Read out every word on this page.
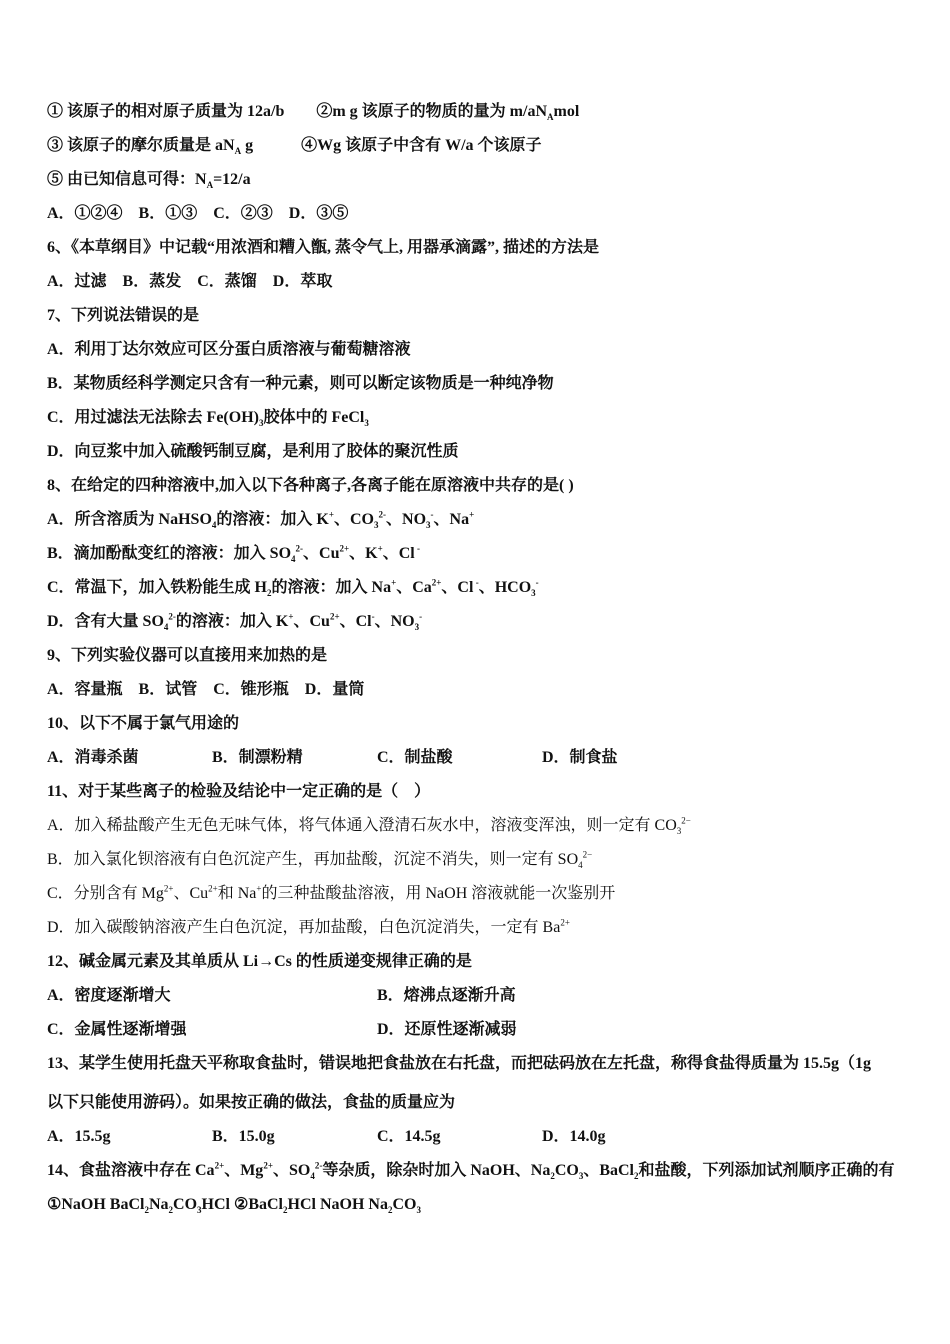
① 该原子的相对原子质量为 12a/b　　②m g 该原子的物质的量为 $m/aN_Amol$
③ 该原子的摩尔质量是 $aN_A$ g　　　④Wg 该原子中含有 W/a 个该原子
⑤ 由已知信息可得：$N_A=12/a$
A．①②④　B．①③　C．②③　D．③⑤
6、《本草纲目》中记载“用浓酒和糟入甑, 蒸令气上, 用器承滴露”, 描述的方法是
A．过滤　B．蒸发　C．蒸馏　D．萃取
7、下列说法错误的是
A．利用丁达尔效应可区分蛋白质溶液与葡萄糖溶液
B．某物质经科学测定只含有一种元素，则可以断定该物质是一种纯净物
C．用过滤法无法除去 $Fe(OH)_3$胶体中的 FeCl$_3$
D．向豆浆中加入硫酸钙制豆腐，是利用了胶体的聚沉性质
8、在给定的四种溶液中,加入以下各种离子,各离子能在原溶液中共存的是( )
A．所含溶质为 NaHSO$_4$的溶液：加入 K+、$CO_3^{2-}$、$NO_3^-$、Na+
B．滴加酚酞变红的溶液：加入 $SO_4^{2-}$、$Cu^{2+}$、K+、Cl -
C．常温下，加入铁粉能生成 $H_2$的溶液：加入 Na+、$Ca^{2+}$、Cl -、$HCO_3^-$
D．含有大量 $SO_4^{2-}$的溶液：加入 K+、$Cu^{2+}$、Cl-、$NO_3^-$
9、下列实验仪器可以直接用来加热的是
A．容量瓶　B．试管　C．锥形瓶　D．量筒
10、以下不属于氯气用途的
A．消毒杀菌	B．制漂粉精	C．制盐酸	D．制食盐
11、对于某些离子的检验及结论中一定正确的是（　）
A．加入稀盐酸产生无色无味气体，将气体通入澄清石灰水中，溶液变浑浊，则一定有 $CO_3^{2-}$
B．加入氯化钡溶液有白色沉淀产生，再加盐酸，沉淀不消失，则一定有 $SO_4^{2-}$
C．分别含有 $Mg^{2+}$、$Cu^{2+}$和 Na+的三种盐酸盐溶液，用 NaOH 溶液就能一次鉴别开
D．加入碳酸钠溶液产生白色沉淀，再加盐酸，白色沉淀消失，一定有 $Ba^{2+}$
12、碱金属元素及其单质从 Li→Cs 的性质递变规律正确的是
A．密度逐渐增大	B．熔沸点逐渐升高
C．金属性逐渐增强	D．还原性逐渐减弱
13、某学生使用托盘天平称取食盐时，错误地把食盐放在右托盘，而把砝码放在左托盘，称得食盐得质量为 15.5g（1g
以下只能使用游码）。如果按正确的做法，食盐的质量应为
A．15.5g	B．15.0g	C．14.5g	D．14.0g
14、食盐溶液中存在 $Ca^{2+}$、$Mg^{2+}$、$SO_4^{2-}$等杂质，除杂时加入 NaOH、$Na_2CO_3$、BaCl$_2$和盐酸，下列添加试剂顺序正确的有
①NaOH $BaCl_2Na_2CO_3HCl$ ②BaCl$_2$HCl NaOH $Na_2CO_3$
